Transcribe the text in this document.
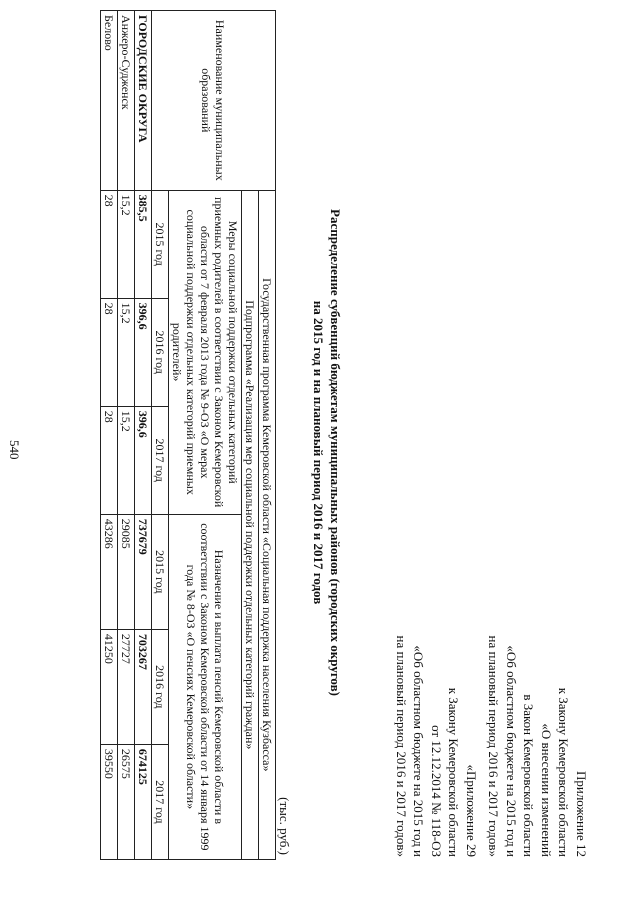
540

Приложение 12

к Закону Кемеровской области

«О внесении изменений

в Закон Кемеровской области

«Об областном бюджете на 2015 год и

на плановый период 2016 и 2017 годов»

«Приложение 29

к Закону Кемеровской области

от 12.12.2014 № 118-ОЗ

«Об областном бюджете на 2015 год и

на плановый период 2016 и 2017 годов»

Распределение субвенций бюджетам муниципальных районов (городских округов)

на 2015 год и на плановый период 2016 и 2017 годов

(тыс. руб.)
Наименование муниципальных образований	Государственная программа Кемеровской области «Социальная поддержка населения Кузбасса»					
	Подпрограмма «Реализация мер социальной поддержки отдельных категорий граждан»					
	Меры социальной поддержки отдельных категорий приемных родителей в соответствии с Законом Кемеровской области от 7 февраля 2013 года № 9-ОЗ «О мерах социальной поддержки отдельных категорий приемных родителей»			Назначение и выплата пенсий Кемеровской области в соответствии с Законом Кемеровской области от 14 января 1999 года № 8-ОЗ «О пенсиях Кемеровской области»		
	2015 год	2016 год	2017 год	2015 год	2016 год	2017 год
ГОРОДСКИЕ ОКРУГА	385,5	396,6	396,6	737679	703267	674125
Анжеро-Судженск	15,2	15,2	15,2	29085	27727	26575
Белово	28	28	28	43286	41250	39550
